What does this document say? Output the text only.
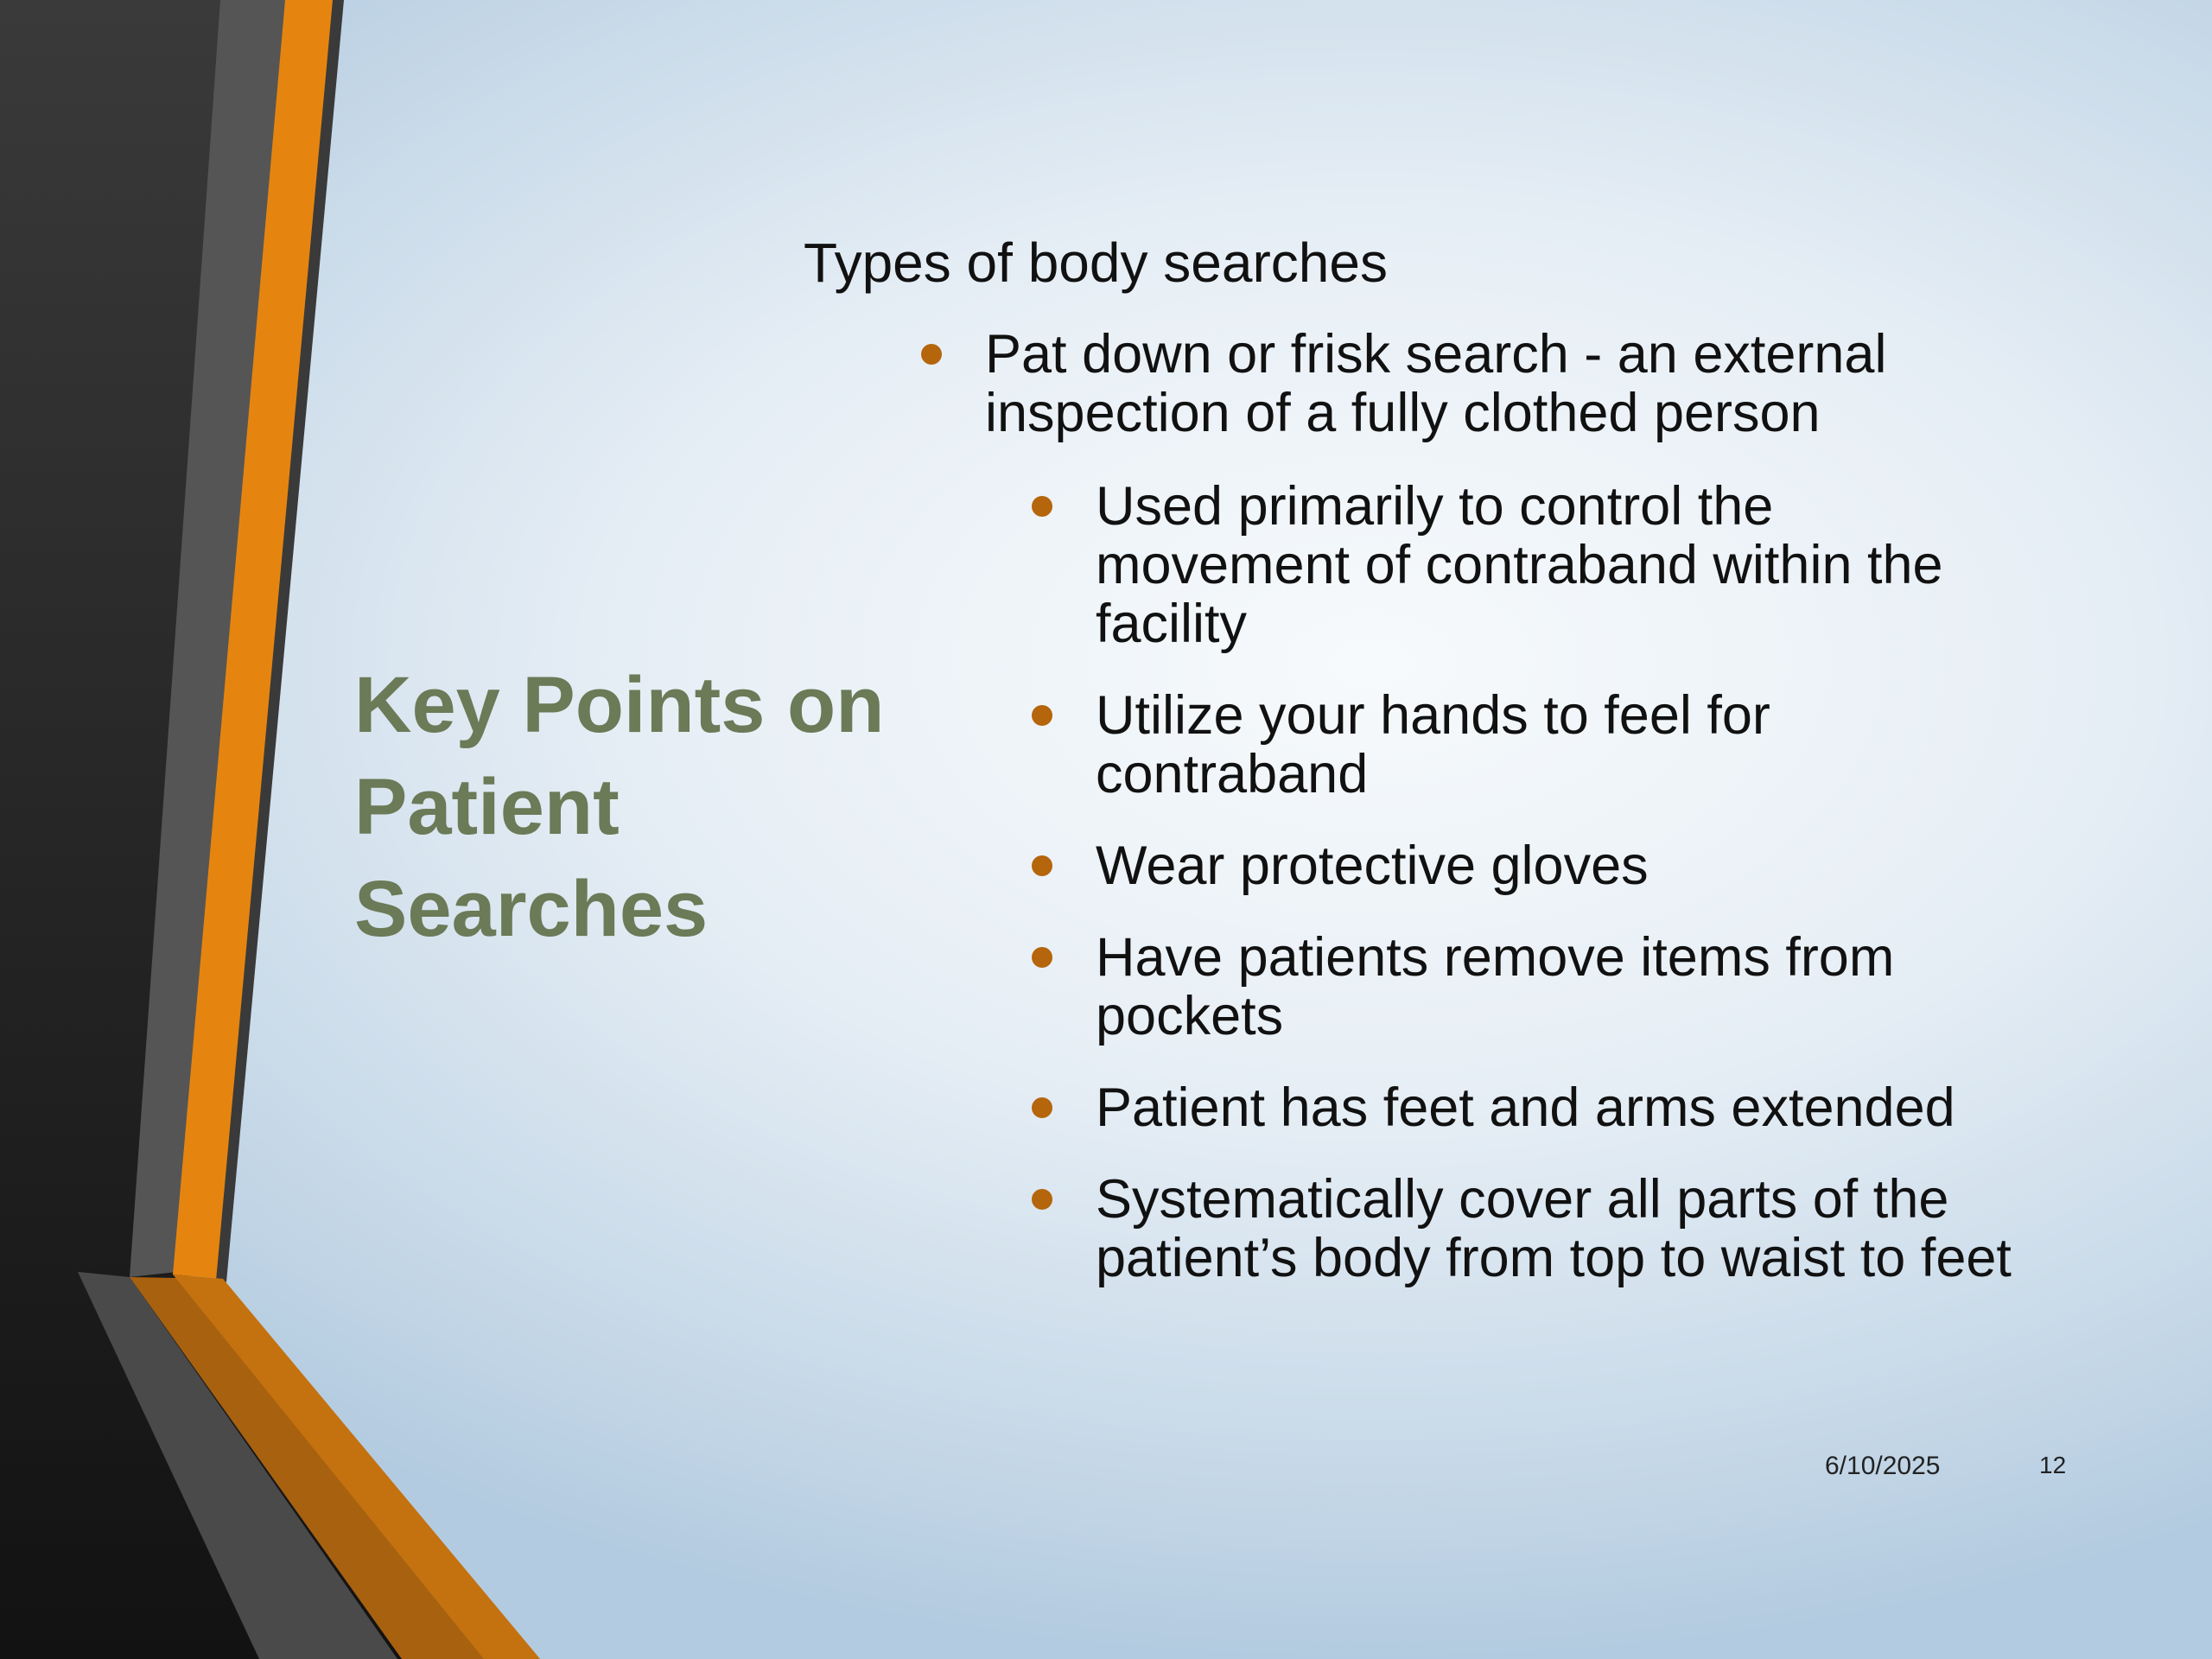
Key Points on Patient Searches
Types of body searches
Pat down or frisk search - an external inspection of a fully clothed person
Used primarily to control the movement of contraband within the facility
Utilize your hands to feel for contraband
Wear protective gloves
Have patients remove items from pockets
Patient has feet and arms extended
Systematically cover all parts of the patient’s body from top to waist to feet
6/10/2025	12
